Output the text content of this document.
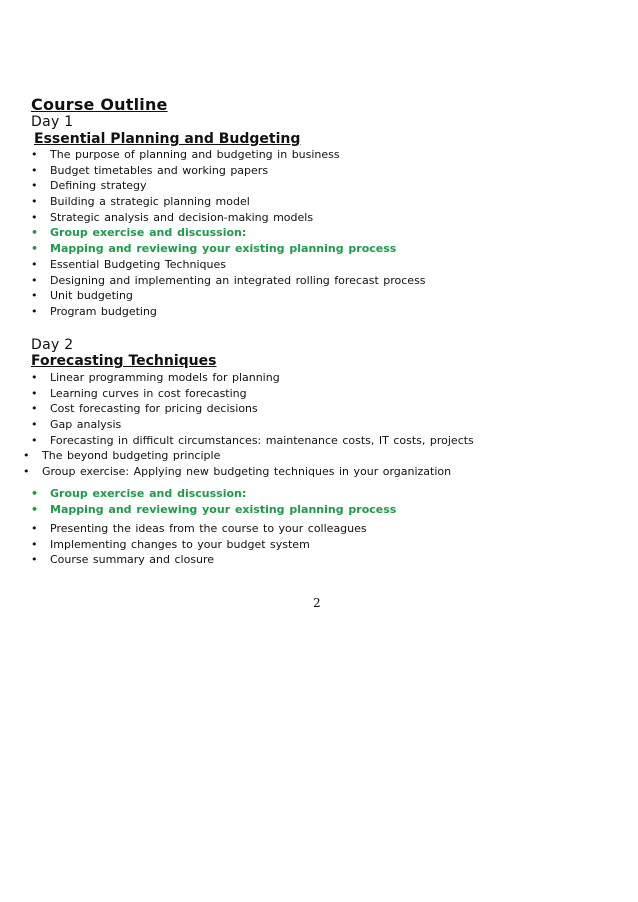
Course Outline
Day 1
Essential Planning and Budgeting
• The purpose of planning and budgeting in business
• Budget timetables and working papers
• Defining strategy
• Building a strategic planning model
• Strategic analysis and decision-making models
• Group exercise and discussion:
• Mapping and reviewing your existing planning process
• Essential Budgeting Techniques
• Designing and implementing an integrated rolling forecast process
• Unit budgeting
• Program budgeting
Day 2
Forecasting Techniques
• Linear programming models for planning
• Learning curves in cost forecasting
• Cost forecasting for pricing decisions
• Gap analysis
• Forecasting in difficult circumstances: maintenance costs, IT costs, projects
• The beyond budgeting principle
• Group exercise: Applying new budgeting techniques in your organization
• Group exercise and discussion:
• Mapping and reviewing your existing planning process
• Presenting the ideas from the course to your colleagues
• Implementing changes to your budget system
• Course summary and closure
2
